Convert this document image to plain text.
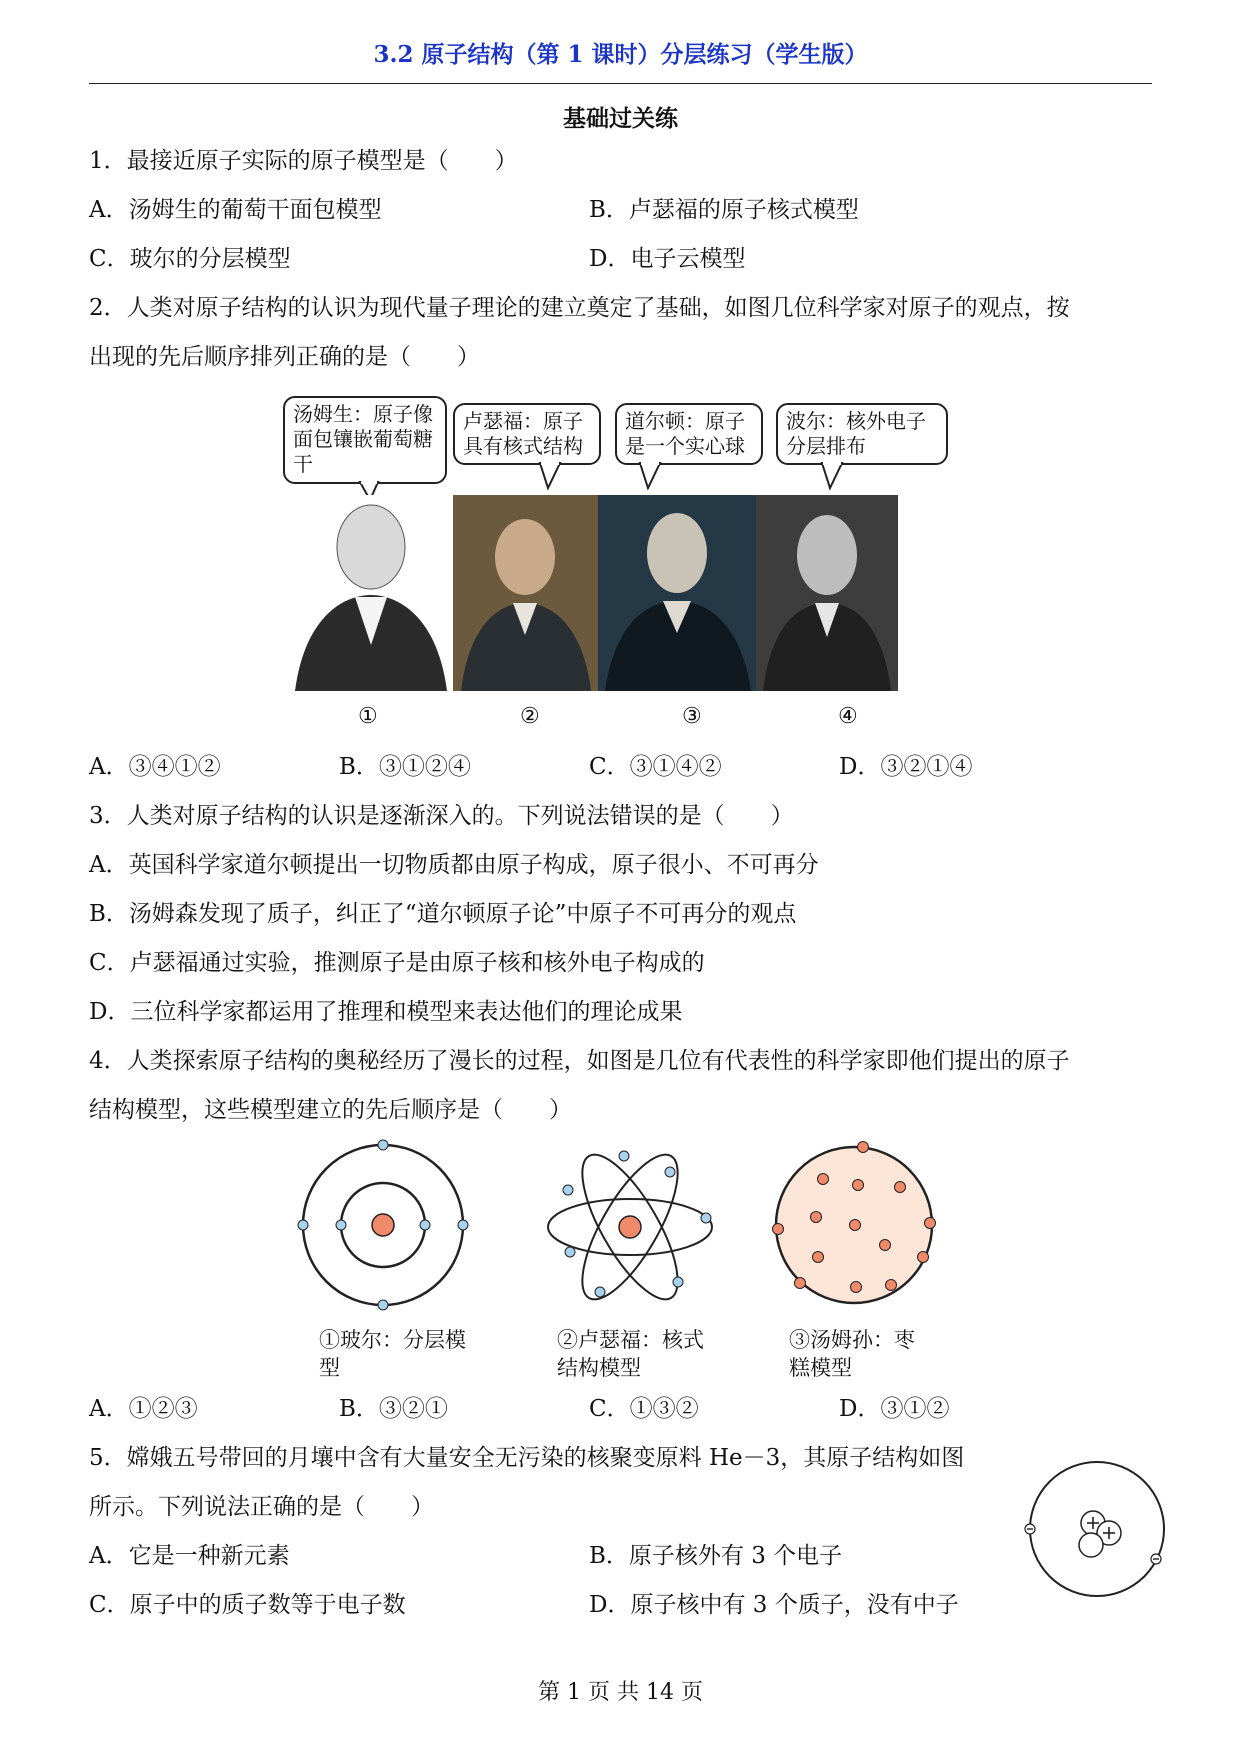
3.2 原子结构（第 1 课时）分层练习（学生版）
基础过关练
1．最接近原子实际的原子模型是（　　）
A．汤姆生的葡萄干面包模型	B．卢瑟福的原子核式模型
C．玻尔的分层模型	D．电子云模型
2．人类对原子结构的认识为现代量子理论的建立奠定了基础，如图几位科学家对原子的观点，按
出现的先后顺序排列正确的是（　　）
汤姆生：原子像面包镶嵌葡萄糖干
卢瑟福：原子具有核式结构
道尔顿：原子是一个实心球
波尔：核外电子分层排布
①	②	③	④
A．③④①②	B．③①②④	C．③①④②	D．③②①④
3．人类对原子结构的认识是逐渐深入的。下列说法错误的是（　　）
A．英国科学家道尔顿提出一切物质都由原子构成，原子很小、不可再分
B．汤姆森发现了质子，纠正了“道尔顿原子论”中原子不可再分的观点
C．卢瑟福通过实验，推测原子是由原子核和核外电子构成的
D．三位科学家都运用了推理和模型来表达他们的理论成果
4．人类探索原子结构的奥秘经历了漫长的过程，如图是几位有代表性的科学家即他们提出的原子
结构模型，这些模型建立的先后顺序是（　　）
①玻尔：分层模型
②卢瑟福：核式结构模型
③汤姆孙：枣糕模型
A．①②③	B．③②①	C．①③②	D．③①②
5．嫦娥五号带回的月壤中含有大量安全无污染的核聚变原料 He－3，其原子结构如图
所示。下列说法正确的是（　　）
A．它是一种新元素	B．原子核外有 3 个电子
C．原子中的质子数等于电子数	D．原子核中有 3 个质子，没有中子
第 1 页 共 14 页
